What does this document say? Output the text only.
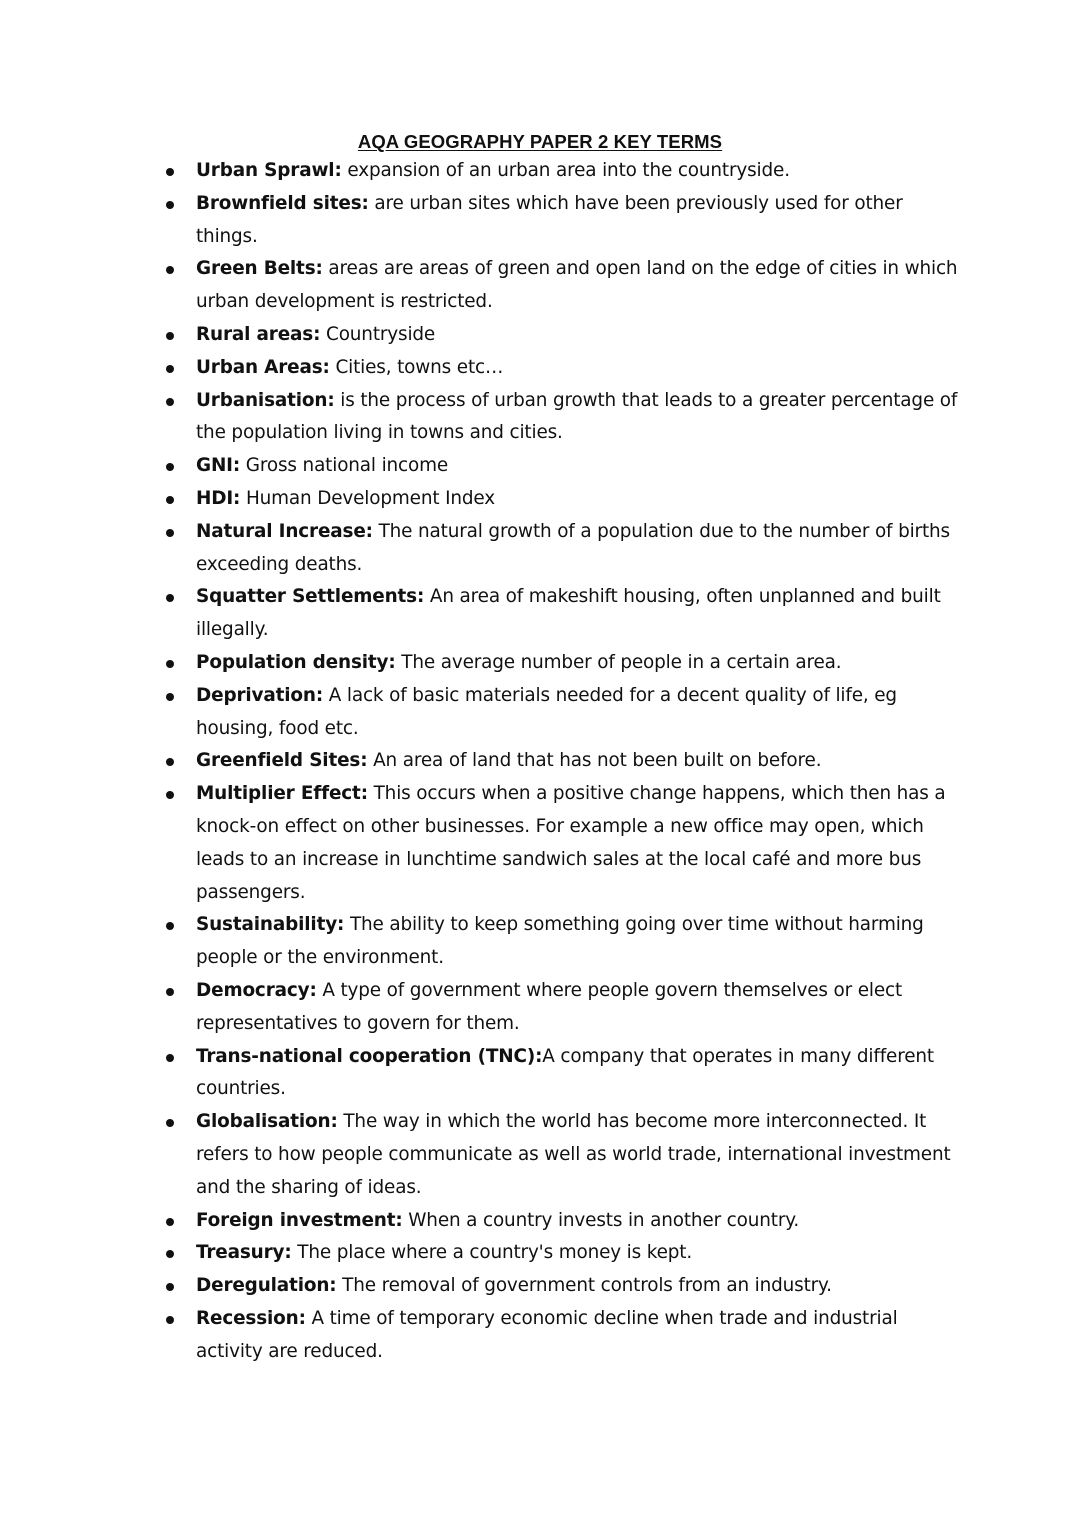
AQA GEOGRAPHY PAPER 2 KEY TERMS
Urban Sprawl: expansion of an urban area into the countryside.
Brownfield sites: are urban sites which have been previously used for other things.
Green Belts: areas are areas of green and open land on the edge of cities in which urban development is restricted.
Rural areas: Countryside
Urban Areas: Cities, towns etc…
Urbanisation: is the process of urban growth that leads to a greater percentage of the population living in towns and cities.
GNI: Gross national income
HDI: Human Development Index
Natural Increase: The natural growth of a population due to the number of births exceeding deaths.
Squatter Settlements: An area of makeshift housing, often unplanned and built illegally.
Population density: The average number of people in a certain area.
Deprivation: A lack of basic materials needed for a decent quality of life, eg housing, food etc.
Greenfield Sites: An area of land that has not been built on before.
Multiplier Effect: This occurs when a positive change happens, which then has a knock-on effect on other businesses. For example a new office may open, which leads to an increase in lunchtime sandwich sales at the local café and more bus passengers.
Sustainability: The ability to keep something going over time without harming people or the environment.
Democracy: A type of government where people govern themselves or elect representatives to govern for them.
Trans-national cooperation (TNC):A company that operates in many different countries.
Globalisation: The way in which the world has become more interconnected. It refers to how people communicate as well as world trade, international investment and the sharing of ideas.
Foreign investment: When a country invests in another country.
Treasury: The place where a country's money is kept.
Deregulation: The removal of government controls from an industry.
Recession: A time of temporary economic decline when trade and industrial activity are reduced.
